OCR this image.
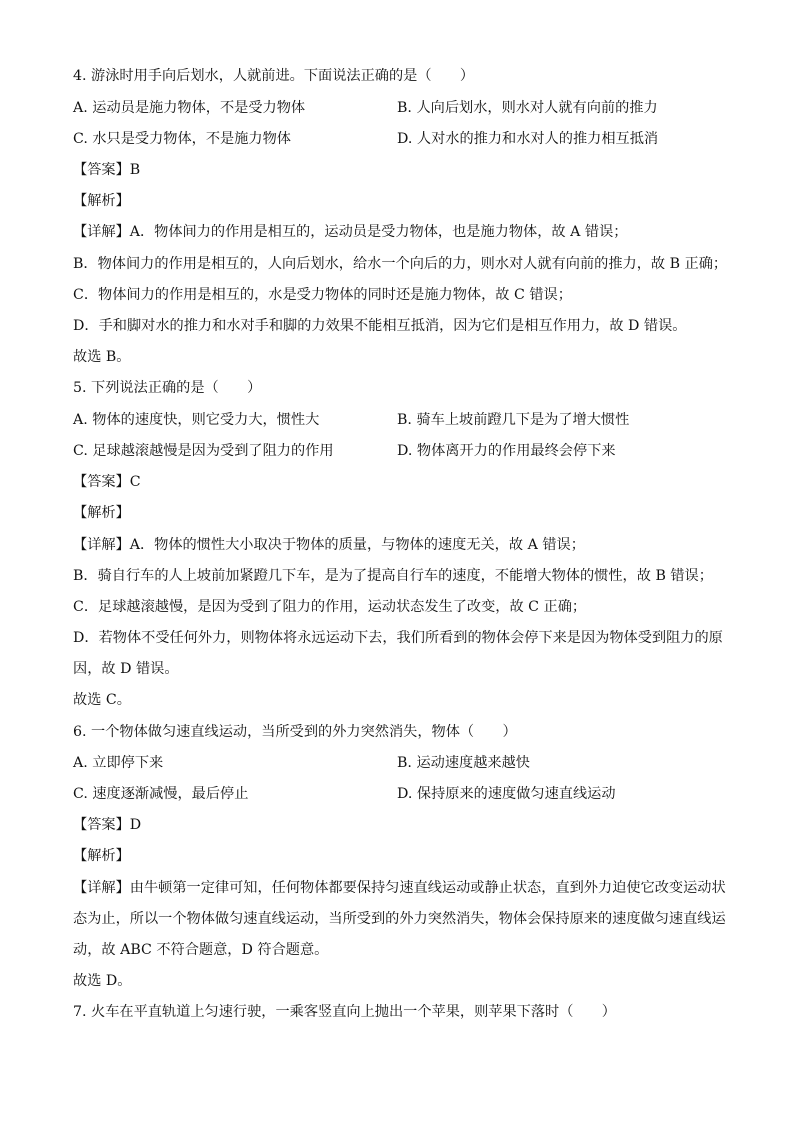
4. 游泳时用手向后划水，人就前进。下面说法正确的是（　　）
A. 运动员是施力物体，不是受力物体	B. 人向后划水，则水对人就有向前的推力
C. 水只是受力物体，不是施力物体	D. 人对水的推力和水对人的推力相互抵消
【答案】B
【解析】
【详解】A．物体间力的作用是相互的，运动员是受力物体，也是施力物体，故 A 错误；
B．物体间力的作用是相互的，人向后划水，给水一个向后的力，则水对人就有向前的推力，故 B 正确；
C．物体间力的作用是相互的，水是受力物体的同时还是施力物体，故 C 错误；
D．手和脚对水的推力和水对手和脚的力效果不能相互抵消，因为它们是相互作用力，故 D 错误。
故选 B。
5. 下列说法正确的是（　　）
A. 物体的速度快，则它受力大，惯性大	B. 骑车上坡前蹬几下是为了增大惯性
C. 足球越滚越慢是因为受到了阻力的作用	D. 物体离开力的作用最终会停下来
【答案】C
【解析】
【详解】A．物体的惯性大小取决于物体的质量，与物体的速度无关，故 A 错误；
B．骑自行车的人上坡前加紧蹬几下车，是为了提高自行车的速度，不能增大物体的惯性，故 B 错误；
C．足球越滚越慢，是因为受到了阻力的作用，运动状态发生了改变，故 C 正确；
D．若物体不受任何外力，则物体将永远运动下去，我们所看到的物体会停下来是因为物体受到阻力的原
因，故 D 错误。
故选 C。
6. 一个物体做匀速直线运动，当所受到的外力突然消失，物体（　　）
A. 立即停下来	B. 运动速度越来越快
C. 速度逐渐减慢，最后停止	D. 保持原来的速度做匀速直线运动
【答案】D
【解析】
【详解】由牛顿第一定律可知，任何物体都要保持匀速直线运动或静止状态，直到外力迫使它改变运动状
态为止，所以一个物体做匀速直线运动，当所受到的外力突然消失，物体会保持原来的速度做匀速直线运
动，故 ABC 不符合题意，D 符合题意。
故选 D。
7. 火车在平直轨道上匀速行驶，一乘客竖直向上抛出一个苹果，则苹果下落时（　　）
